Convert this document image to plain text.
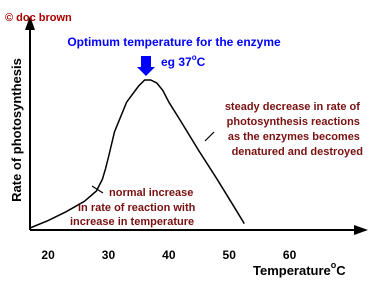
© doc brown
Rate of photosynthesis
Temperature$^o$C
20	30	40	50	60
Optimum temperature for the enzyme
eg 37$^o$C
steady decrease in rate of photosynthesis reactions as the enzymes becomes denatured and destroyed
normal increase in rate of reaction with increase in temperature
